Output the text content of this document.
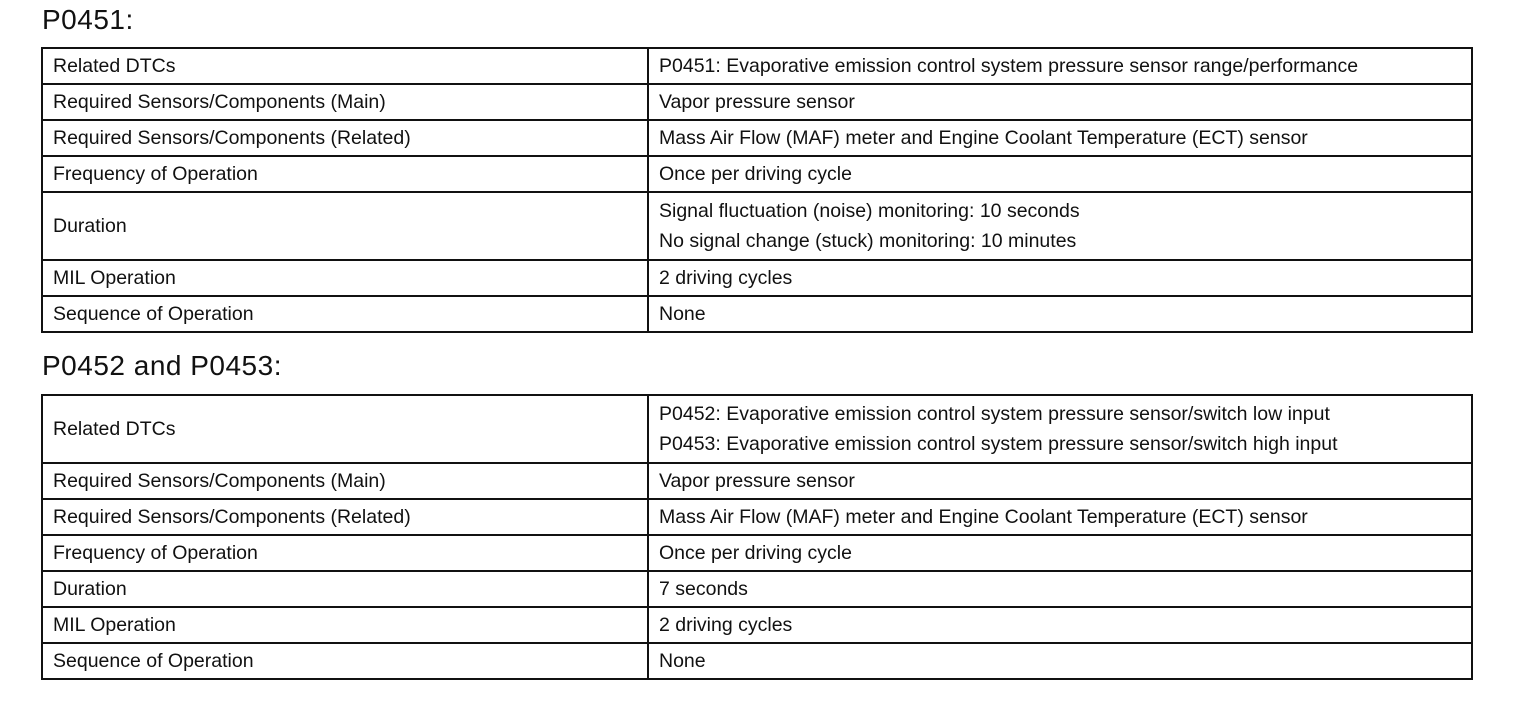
P0451:
Related DTCs	P0451: Evaporative emission control system pressure sensor range/performance

Required Sensors/Components (Main)	Vapor pressure sensor

Required Sensors/Components (Related)	Mass Air Flow (MAF) meter and Engine Coolant Temperature (ECT) sensor

Frequency of Operation	Once per driving cycle

Duration	Signal fluctuation (noise) monitoring: 10 seconds
No signal change (stuck) monitoring: 10 minutes

MIL Operation	2 driving cycles

Sequence of Operation	None
P0452 and P0453:
Related DTCs	P0452: Evaporative emission control system pressure sensor/switch low input
P0453: Evaporative emission control system pressure sensor/switch high input

Required Sensors/Components (Main)	Vapor pressure sensor

Required Sensors/Components (Related)	Mass Air Flow (MAF) meter and Engine Coolant Temperature (ECT) sensor

Frequency of Operation	Once per driving cycle

Duration	7 seconds

MIL Operation	2 driving cycles

Sequence of Operation	None
